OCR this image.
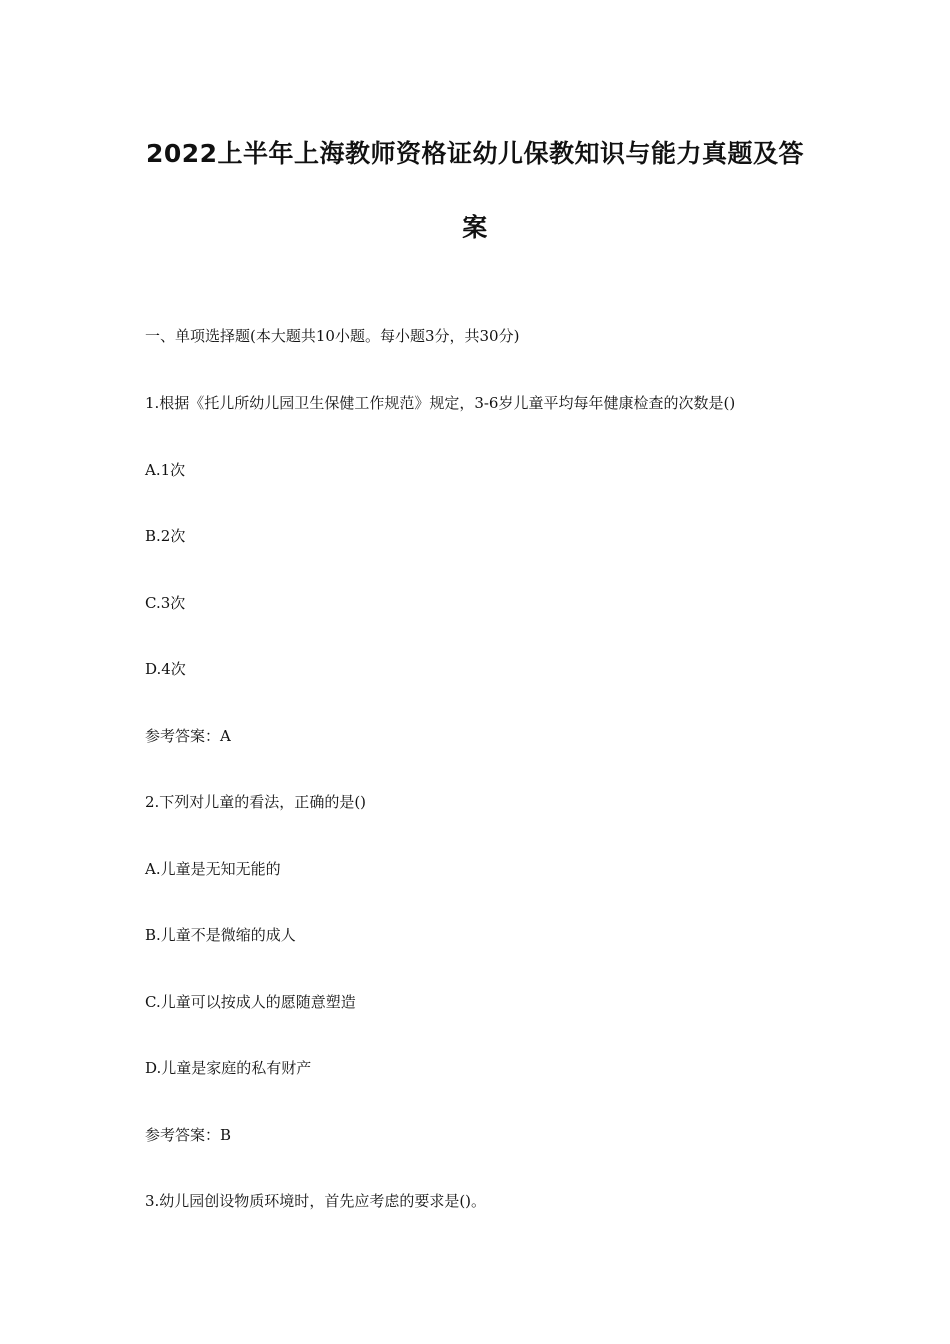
2022上半年上海教师资格证幼儿保教知识与能力真题及答
案
一、单项选择题(本大题共10小题。每小题3分，共30分)
1.根据《托儿所幼儿园卫生保健工作规范》规定，3-6岁儿童平均每年健康检查的次数是()
A.1次
B.2次
C.3次
D.4次
参考答案：A
2.下列对儿童的看法，正确的是()
A.儿童是无知无能的
B.儿童不是微缩的成人
C.儿童可以按成人的愿随意塑造
D.儿童是家庭的私有财产
参考答案：B
3.幼儿园创设物质环境时，首先应考虑的要求是()。
